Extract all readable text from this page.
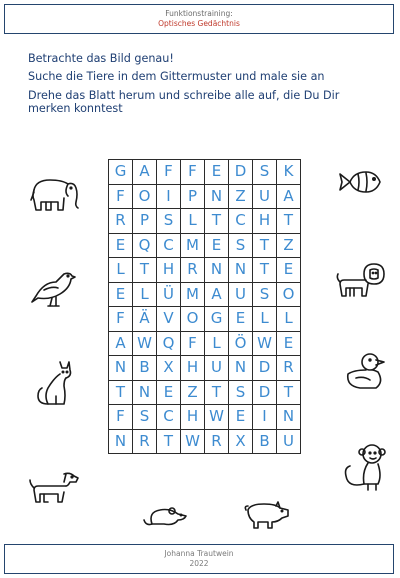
Funktionstraining:
Optisches Gedächtnis

Betrachte das Bild genau!

Suche die Tiere in dem Gittermuster und male sie an

Drehe das Blatt herum und schreibe alle auf, die Du Dir merken konntest

G	A	F	F	E	D	S	K
F	O	I	P	N	Z	U	A
R	P	S	L	T	C	H	T
E	Q	C	M	E	S	T	Z
L	T	H	R	N	N	T	E
E	L	Ü	M	A	U	S	O
F	Ä	V	O	G	E	L	L
A	W	Q	F	L	Ö	W	E
N	B	X	H	U	N	D	R
T	N	E	Z	T	S	D	T
F	S	C	H	W	E	I	N
N	R	T	W	R	X	B	U
Johanna Trautwein
2022
